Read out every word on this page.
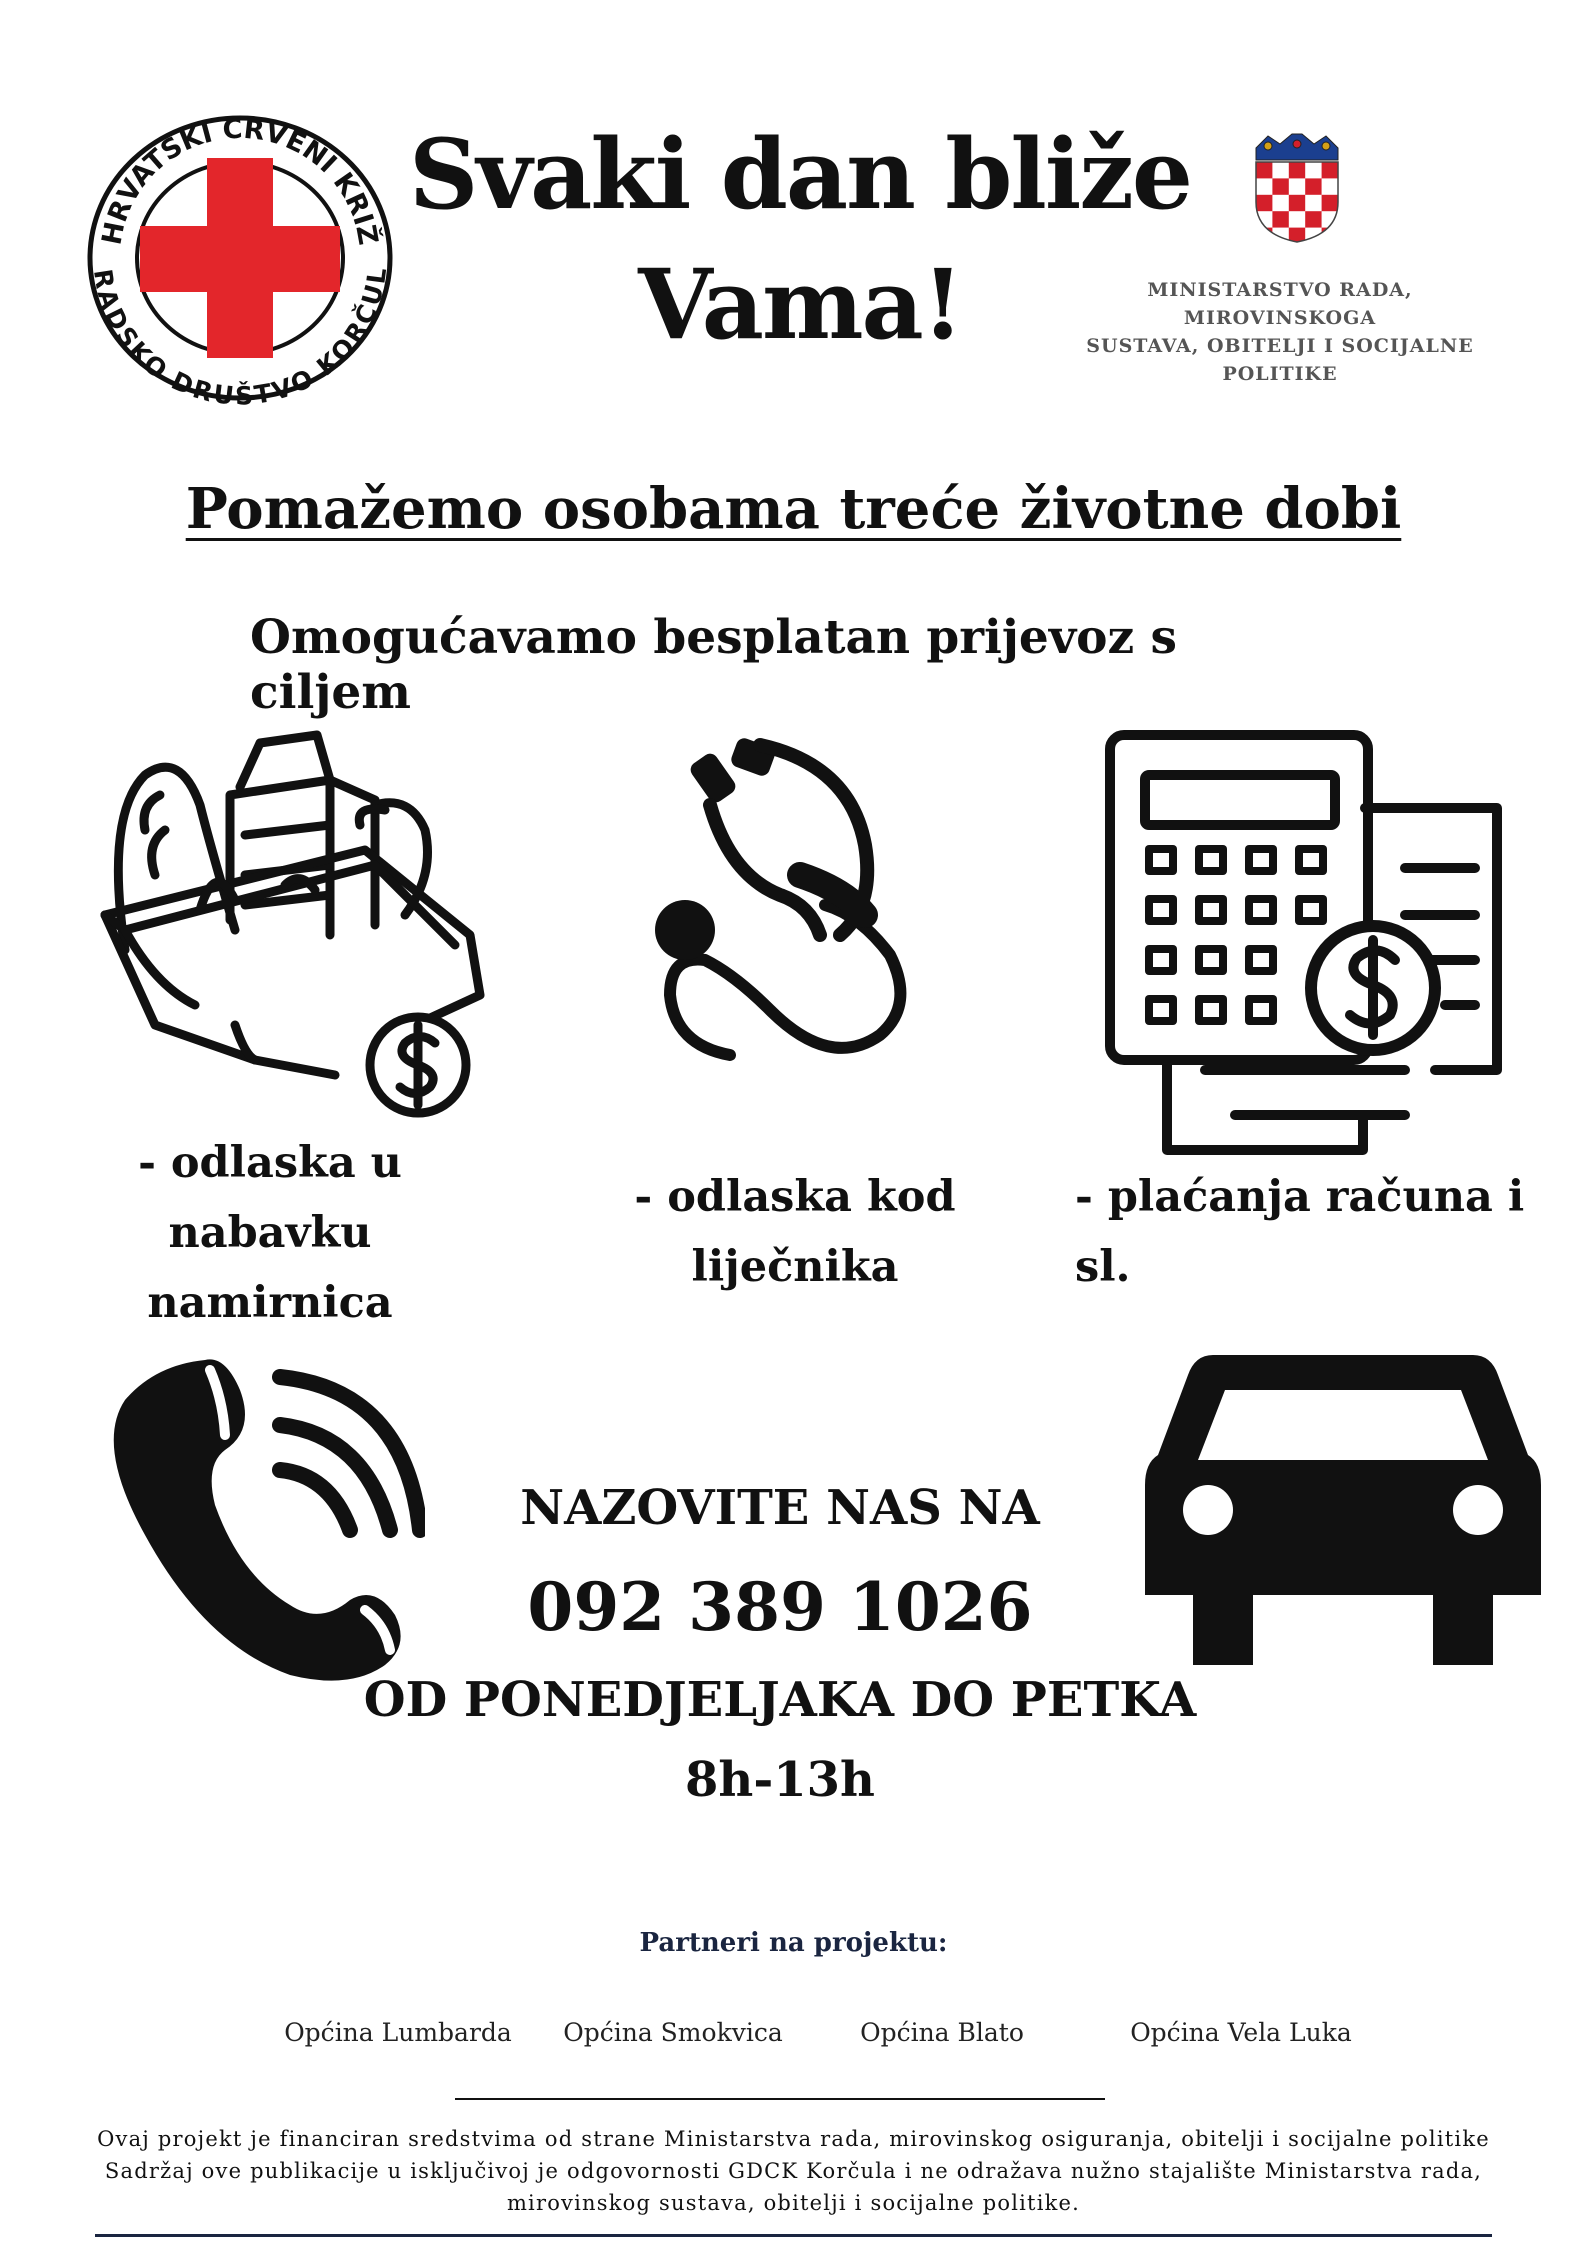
HRVATSKI CRVENI KRIŽ
RADSKO DRUŠTVO KORČUL
Svaki dan bliže
Vama!	MINISTARSTVO RADA, MIROVINSKOGA
SUSTAVA, OBITELJI I SOCIJALNE POLITIKE
Pomažemo osobama treće životne dobi
Omogućavamo besplatan prijevoz s ciljem
- odlaska u nabavku
namirnica
- odlaska kod liječnika
- plaćanja računa i sl.
NAZOVITE NAS NA
092 389 1026
OD PONEDJELJAKA DO PETKA
8h-13h
Partneri na projektu:
Općina Lumbarda	Općina Smokvica	Općina Blato	Općina Vela Luka
Ovaj projekt je financiran sredstvima od strane Ministarstva rada, mirovinskog osiguranja, obitelji i socijalne politike
Sadržaj ove publikacije u isključivoj je odgovornosti GDCK Korčula i ne odražava nužno stajalište Ministarstva rada,
mirovinskog sustava, obitelji i socijalne politike.
